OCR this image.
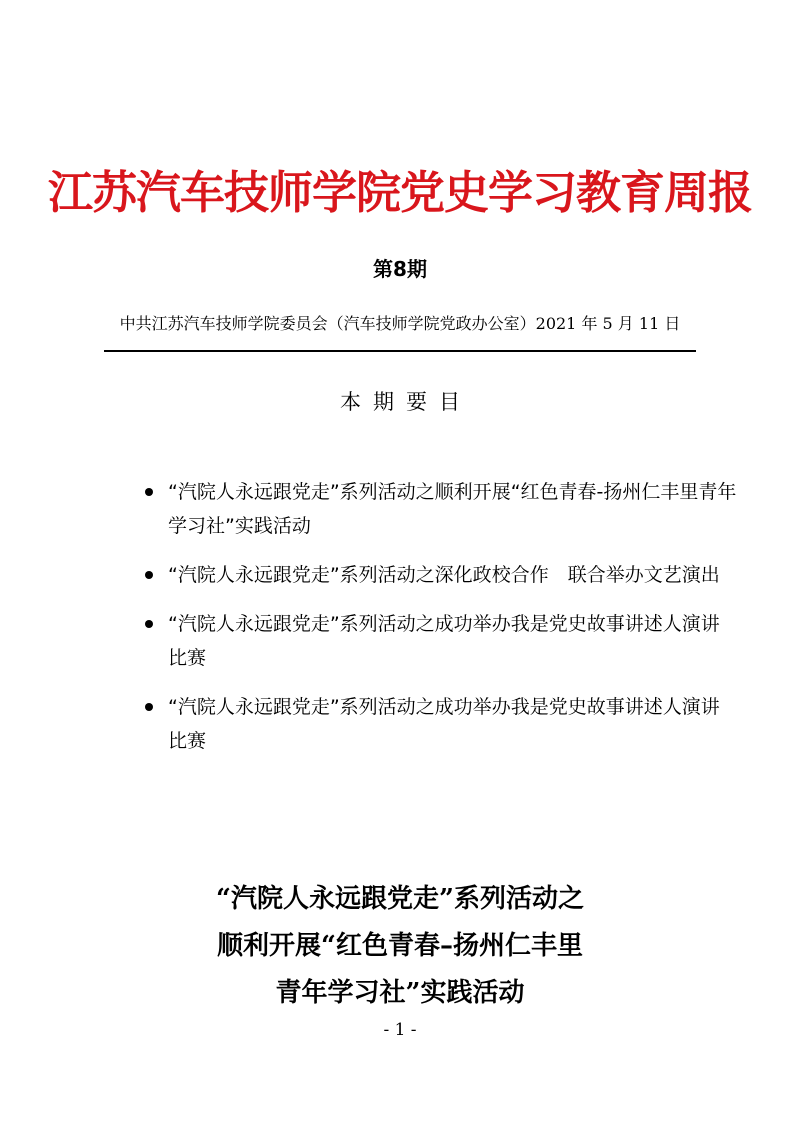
江苏汽车技师学院党史学习教育周报
第8期
中共江苏汽车技师学院委员会（汽车技师学院党政办公室）2021 年 5 月 11 日
本期要目
“汽院人永远跟党走”系列活动之顺利开展“红色青春-扬州仁丰里青年学习社”实践活动
“汽院人永远跟党走”系列活动之深化政校合作　联合举办文艺演出
“汽院人永远跟党走”系列活动之成功举办我是党史故事讲述人演讲比赛
“汽院人永远跟党走”系列活动之成功举办我是党史故事讲述人演讲比赛
“汽院人永远跟党走”系列活动之
顺利开展“红色青春–扬州仁丰里
青年学习社”实践活动
- 1 -
